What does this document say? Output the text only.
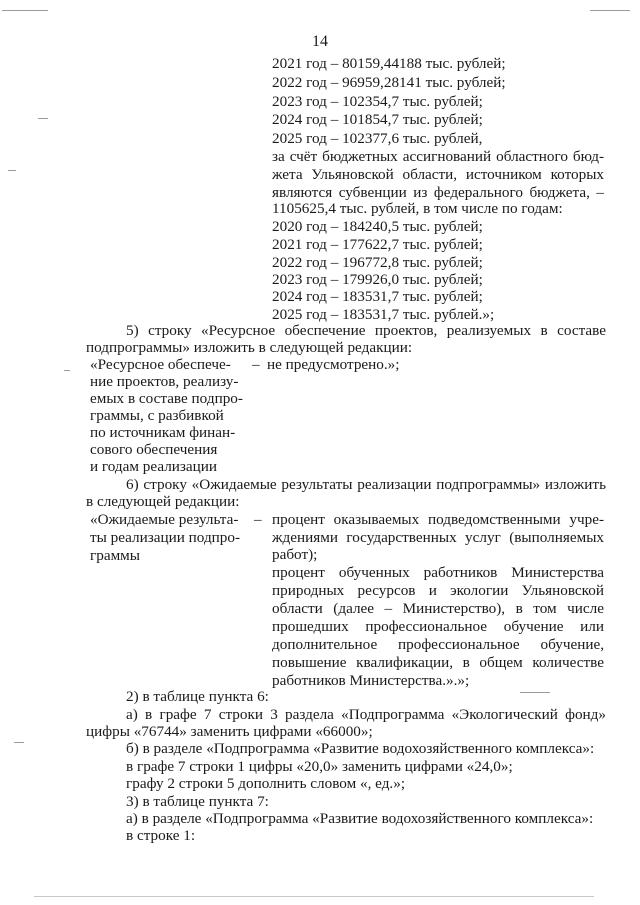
14
2021 год – 80159,44188 тыс. рублей;
2022 год – 96959,28141 тыс. рублей;
2023 год – 102354,7 тыс. рублей;
2024 год – 101854,7 тыс. рублей;
2025 год – 102377,6 тыс. рублей,
за счёт бюджетных ассигнований областного бюд-
жета Ульяновской области, источником которых
являются субвенции из федерального бюджета, –
1105625,4 тыс. рублей, в том числе по годам:
2020 год – 184240,5 тыс. рублей;
2021 год – 177622,7 тыс. рублей;
2022 год – 196772,8 тыс. рублей;
2023 год – 179926,0 тыс. рублей;
2024 год – 183531,7 тыс. рублей;
2025 год – 183531,7 тыс. рублей.»;
5) строку «Ресурсное обеспечение проектов, реализуемых в составе
подпрограммы» изложить в следующей редакции:
«Ресурсное обеспече-
ние проектов, реализу-
емых в составе подпро-
граммы, с разбивкой
по источникам финан-
сового обеспечения
и годам реализации
– не предусмотрено.»;
6) строку «Ожидаемые результаты реализации подпрограммы» изложить
в следующей редакции:
«Ожидаемые результа-
ты реализации подпро-
граммы
– процент оказываемых подведомственными учре-
ждениями государственных услуг (выполняемых
работ);
процент обученных работников Министерства
природных ресурсов и экологии Ульяновской
области (далее – Министерство), в том числе
прошедших профессиональное обучение или
дополнительное профессиональное обучение,
повышение квалификации, в общем количестве
работников Министерства.».»;
2) в таблице пункта 6:
а) в графе 7 строки 3 раздела «Подпрограмма «Экологический фонд»
цифры «76744» заменить цифрами «66000»;
б) в разделе «Подпрограмма «Развитие водохозяйственного комплекса»:
в графе 7 строки 1 цифры «20,0» заменить цифрами «24,0»;
графу 2 строки 5 дополнить словом «, ед.»;
3) в таблице пункта 7:
а) в разделе «Подпрограмма «Развитие водохозяйственного комплекса»:
в строке 1:
